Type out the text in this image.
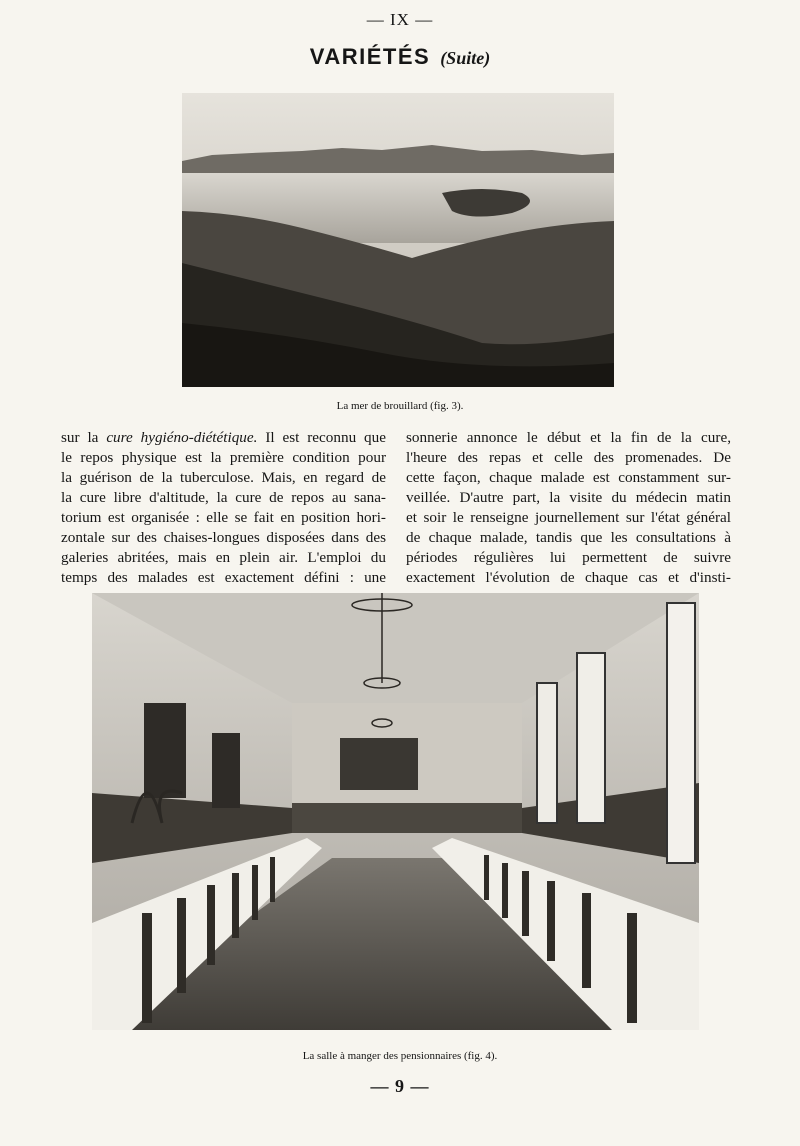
— IX —
VARIÉTÉS (Suite)
La mer de brouillard (fig. 3).
sur la cure hygiéno-diététique. Il est reconnu que
le repos physique est la première condition pour
la guérison de la tuberculose. Mais, en regard de
la cure libre d'altitude, la cure de repos au sana-
torium est organisée : elle se fait en position hori-
zontale sur des chaises-longues disposées dans des
galeries abritées, mais en plein air. L'emploi du
temps des malades est exactement défini : une
sonnerie annonce le début et la fin de la cure,
l'heure des repas et celle des promenades. De
cette façon, chaque malade est constamment sur-
veillée. D'autre part, la visite du médecin matin
et soir le renseigne journellement sur l'état général
de chaque malade, tandis que les consultations à
périodes régulières lui permettent de suivre
exactement l'évolution de chaque cas et d'insti-
La salle à manger des pensionnaires (fig. 4).
— 9 —
